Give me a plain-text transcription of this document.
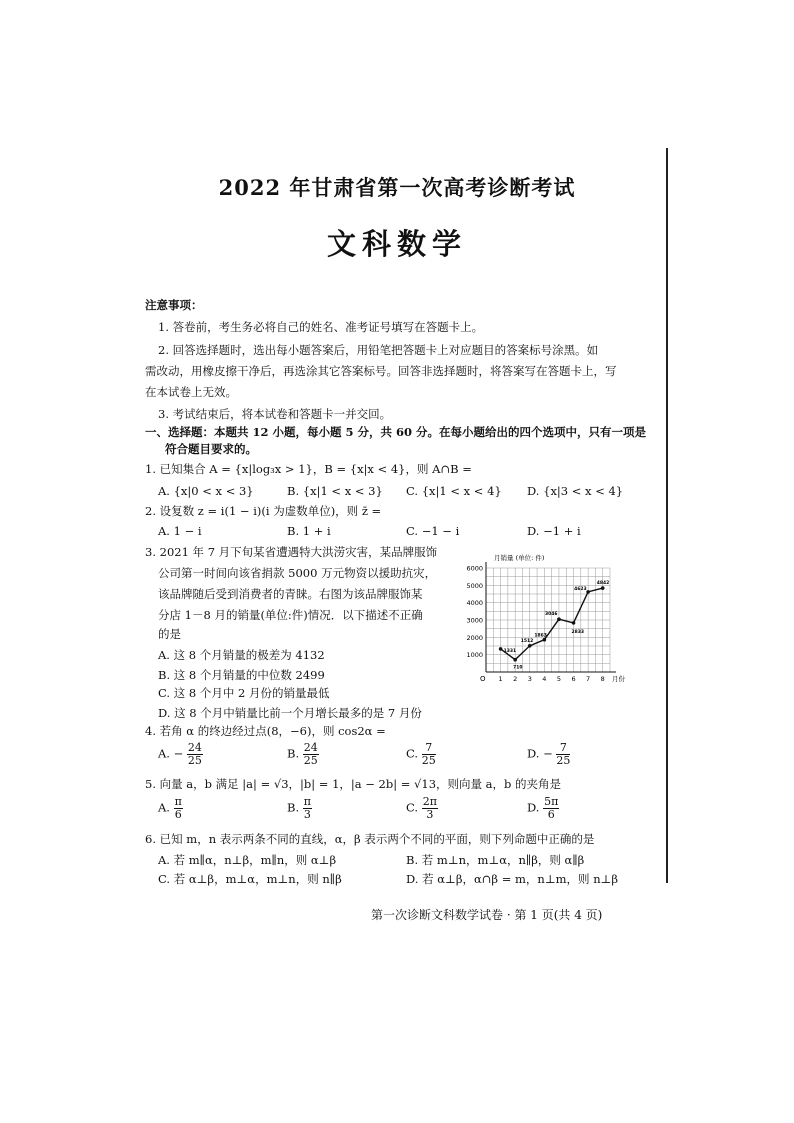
2022 年甘肃省第一次高考诊断考试
文科数学
注意事项：
1. 答卷前，考生务必将自己的姓名、准考证号填写在答题卡上。
2. 回答选择题时，选出每小题答案后，用铅笔把答题卡上对应题目的答案标号涂黑。如
需改动，用橡皮擦干净后，再选涂其它答案标号。回答非选择题时，将答案写在答题卡上，写
在本试卷上无效。
3. 考试结束后，将本试卷和答题卡一并交回。
一、选择题：本题共 12 小题，每小题 5 分，共 60 分。在每小题给出的四个选项中，只有一项是
符合题目要求的。
1. 已知集合 A = {x|log₃x > 1}，B = {x|x < 4}，则 A∩B =
A. {x|0 < x < 3}	B. {x|1 < x < 3} C. {x|1 < x < 4} D. {x|3 < x < 4}
2. 设复数 z = i(1 − i)(i 为虚数单位)，则 z̄ =
A. 1 − i	B. 1 + i	C. −1 − i	D. −1 + i
3. 2021 年 7 月下旬某省遭遇特大洪涝灾害，某品牌服饰
公司第一时间向该省捐款 5000 万元物资以援助抗灾，
该品牌随后受到消费者的青睐。右图为该品牌服饰某
分店 1－8 月的销量(单位:件)情况．以下描述不正确
的是
A. 这 8 个月销量的极差为 4132
B. 这 8 个月销量的中位数 2499
C. 这 8 个月中 2 月份的销量最低
D. 这 8 个月中销量比前一个月增长最多的是 7 月份
O
月销量 (单位: 件)
月份
1000
2000
3000
4000
5000
6000
1 2 3 4 5 6 7 8
1331
710
1512
1863
3046
2833
4623
4842
4. 若角 α 的终边经过点(8，−6)，则 cos2α =
A. − $\frac{24}{25}$	B. $\frac{24}{25}$	C. $\frac{7}{25}$	D. − $\frac{7}{25}$
5. 向量 a，b 满足 |a| = √3，|b| = 1，|a − 2b| = √13，则向量 a，b 的夹角是
A. $\frac{\pi}{6}$	B. $\frac{\pi}{3}$	C. $\frac{2\pi}{3}$	D. $\frac{5\pi}{6}$
6. 已知 m，n 表示两条不同的直线，α，β 表示两个不同的平面，则下列命题中正确的是
A. 若 m∥α，n⊥β，m∥n，则 α⊥β	B. 若 m⊥n，m⊥α，n∥β，则 α∥β
C. 若 α⊥β，m⊥α，m⊥n，则 n∥β	D. 若 α⊥β，α∩β = m，n⊥m，则 n⊥β
第一次诊断文科数学试卷 · 第 1 页(共 4 页)
